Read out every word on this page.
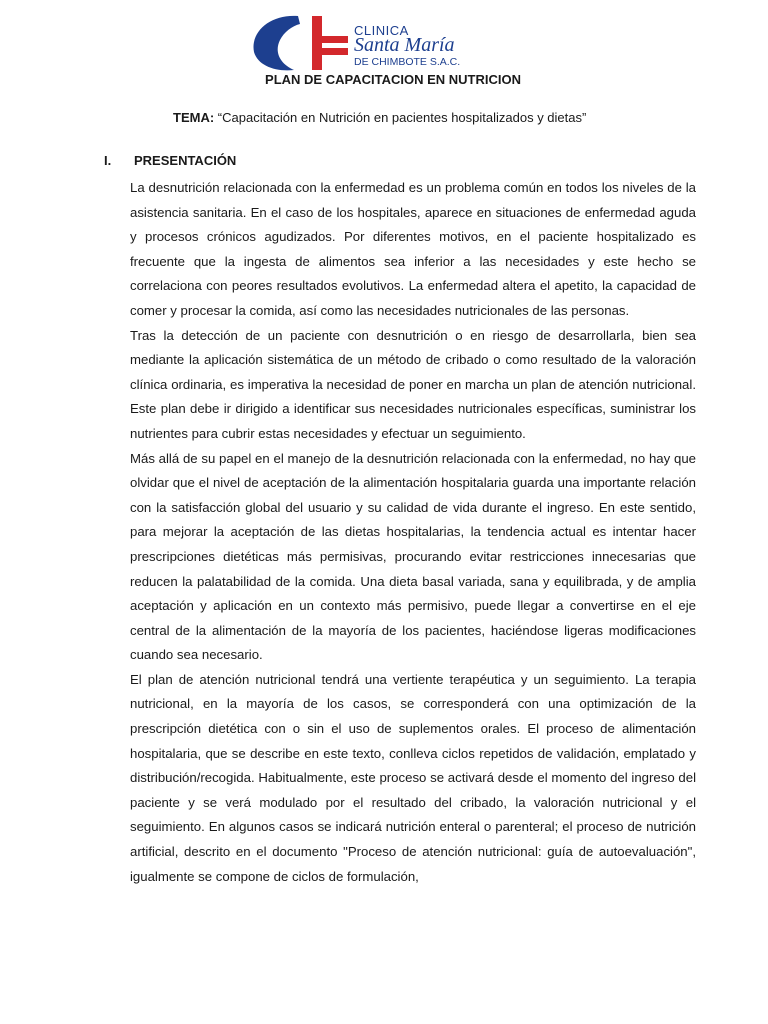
CLINICA
Santa María
DE CHIMBOTE S.A.C.
PLAN DE CAPACITACION EN NUTRICION
TEMA: “Capacitación en Nutrición en pacientes hospitalizados y dietas”
I. PRESENTACIÓN

La desnutrición relacionada con la enfermedad es un problema común en todos los niveles de la asistencia sanitaria. En el caso de los hospitales, aparece en situaciones de enfermedad aguda y procesos crónicos agudizados. Por diferentes motivos, en el paciente hospitalizado es frecuente que la ingesta de alimentos sea inferior a las necesidades y este hecho se correlaciona con peores resultados evolutivos. La enfermedad altera el apetito, la capacidad de comer y procesar la comida, así como las necesidades nutricionales de las personas.

Tras la detección de un paciente con desnutrición o en riesgo de desarrollarla, bien sea mediante la aplicación sistemática de un método de cribado o como resultado de la valoración clínica ordinaria, es imperativa la necesidad de poner en marcha un plan de atención nutricional. Este plan debe ir dirigido a identificar sus necesidades nutricionales específicas, suministrar los nutrientes para cubrir estas necesidades y efectuar un seguimiento.

Más allá de su papel en el manejo de la desnutrición relacionada con la enfermedad, no hay que olvidar que el nivel de aceptación de la alimentación hospitalaria guarda una importante relación con la satisfacción global del usuario y su calidad de vida durante el ingreso. En este sentido, para mejorar la aceptación de las dietas hospitalarias, la tendencia actual es intentar hacer prescripciones dietéticas más permisivas, procurando evitar restricciones innecesarias que reducen la palatabilidad de la comida. Una dieta basal variada, sana y equilibrada, y de amplia aceptación y aplicación en un contexto más permisivo, puede llegar a convertirse en el eje central de la alimentación de la mayoría de los pacientes, haciéndose ligeras modificaciones cuando sea necesario.

El plan de atención nutricional tendrá una vertiente terapéutica y un seguimiento. La terapia nutricional, en la mayoría de los casos, se corresponderá con una optimización de la prescripción dietética con o sin el uso de suplementos orales. El proceso de alimentación hospitalaria, que se describe en este texto, conlleva ciclos repetidos de validación, emplatado y distribución/recogida. Habitualmente, este proceso se activará desde el momento del ingreso del paciente y se verá modulado por el resultado del cribado, la valoración nutricional y el seguimiento. En algunos casos se indicará nutrición enteral o parenteral; el proceso de nutrición artificial, descrito en el documento "Proceso de atención nutricional: guía de autoevaluación", igualmente se compone de ciclos de formulación,
